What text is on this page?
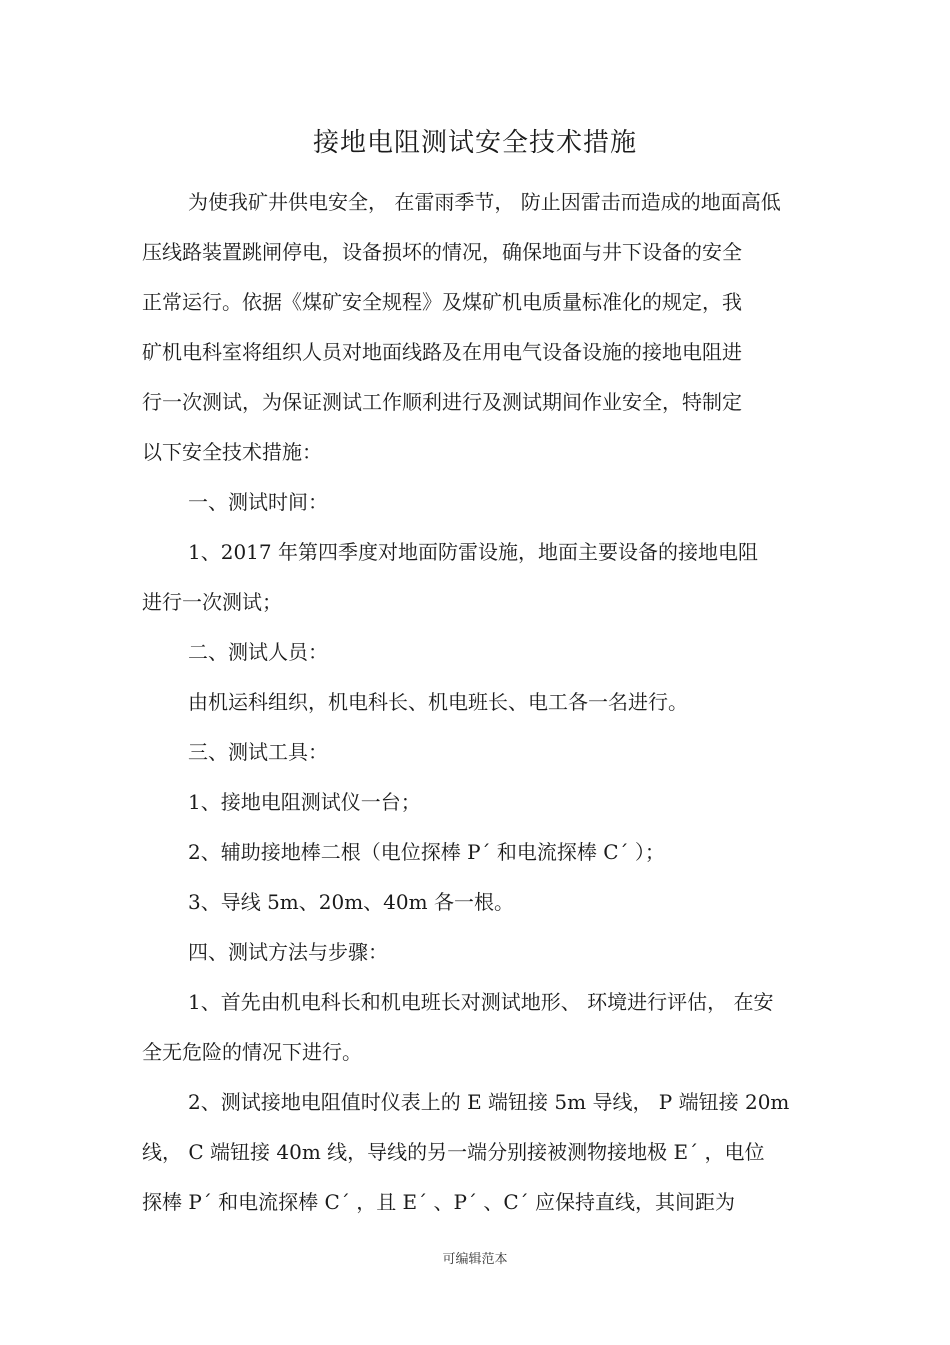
接地电阻测试安全技术措施
为使我矿井供电安全， 在雷雨季节， 防止因雷击而造成的地面高低
压线路装置跳闸停电，设备损坏的情况，确保地面与井下设备的安全
正常运行。依据《煤矿安全规程》及煤矿机电质量标准化的规定，我
矿机电科室将组织人员对地面线路及在用电气设备设施的接地电阻进
行一次测试，为保证测试工作顺利进行及测试期间作业安全，特制定
以下安全技术措施：
一、测试时间：
1、2017 年第四季度对地面防雷设施，地面主要设备的接地电阻
进行一次测试；
二、测试人员：
由机运科组织，机电科长、机电班长、电工各一名进行。
三、测试工具：
1、接地电阻测试仪一台；
2、辅助接地棒二根（电位探棒 P´ 和电流探棒 C´ ）；
3、导线 5m、20m、40m 各一根。
四、测试方法与步骤：
1、首先由机电科长和机电班长对测试地形、 环境进行评估， 在安
全无危险的情况下进行。
2、测试接地电阻值时仪表上的 E 端钮接 5m 导线， P 端钮接 20m
线， C 端钮接 40m 线，导线的另一端分别接被测物接地极 E´ ，电位
探棒 P´ 和电流探棒 C´ ，且 E´ 、P´ 、C´ 应保持直线，其间距为
可编辑范本
